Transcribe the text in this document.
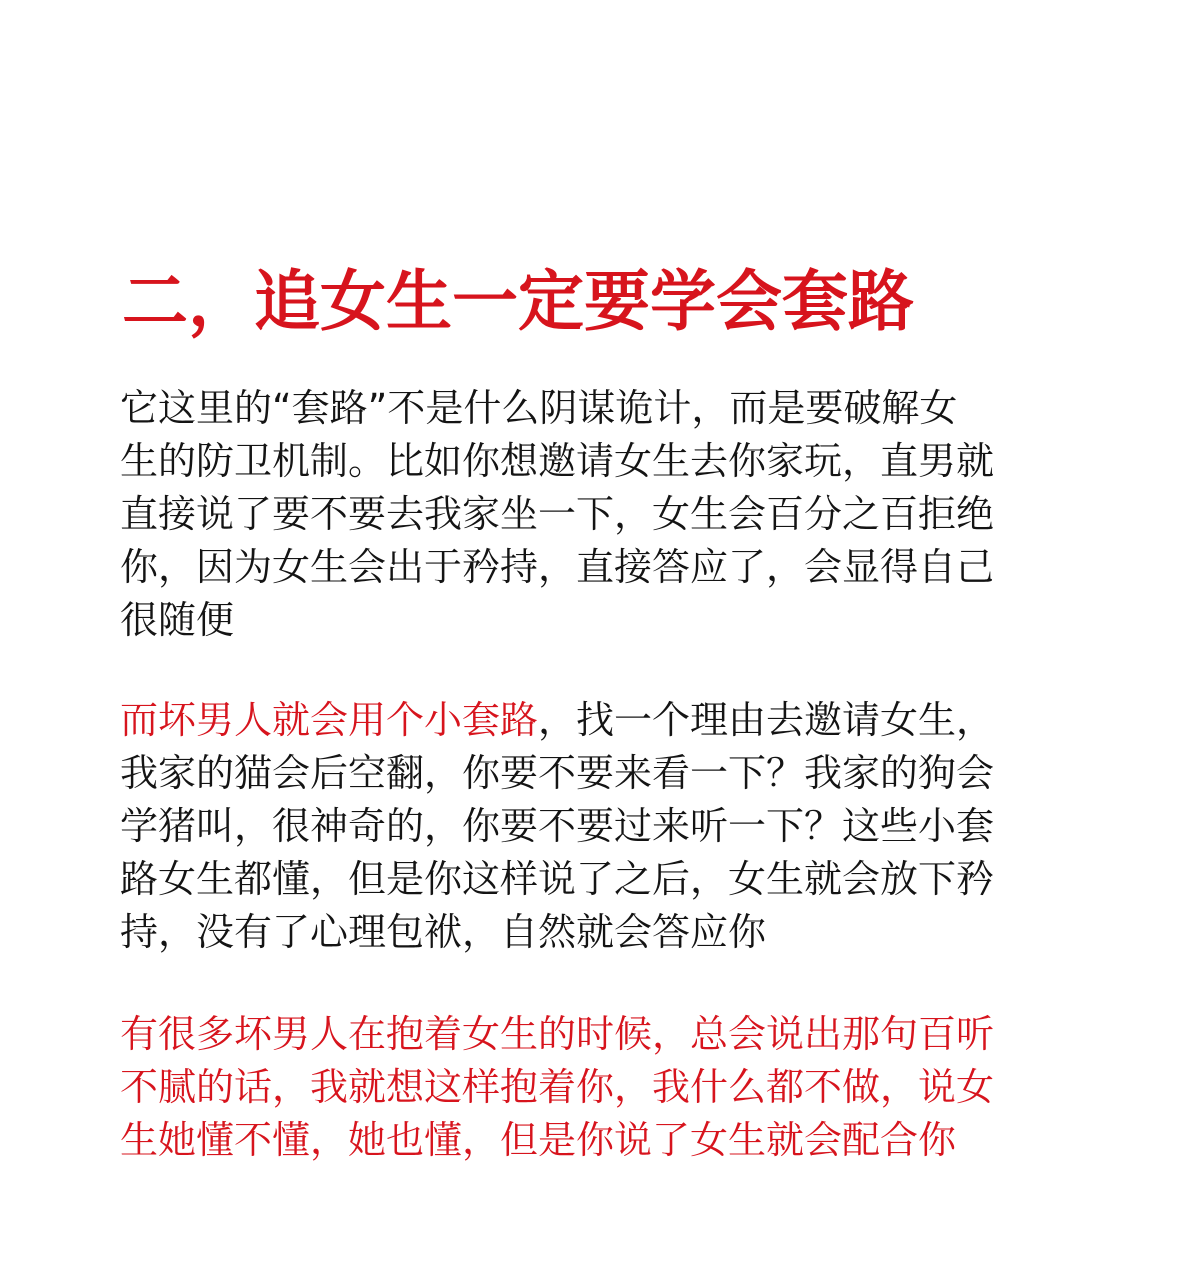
二，追女生一定要学会套路

它这里的“套路”不是什么阴谋诡计，而是要破解女
生的防卫机制。比如你想邀请女生去你家玩，直男就
直接说了要不要去我家坐一下，女生会百分之百拒绝
你，因为女生会出于矜持，直接答应了，会显得自己
很随便

而坏男人就会用个小套路，找一个理由去邀请女生，
我家的猫会后空翻，你要不要来看一下？我家的狗会
学猪叫，很神奇的，你要不要过来听一下？这些小套
路女生都懂，但是你这样说了之后，女生就会放下矜
持，没有了心理包袱，自然就会答应你

有很多坏男人在抱着女生的时候，总会说出那句百听
不腻的话，我就想这样抱着你，我什么都不做，说女
生她懂不懂，她也懂，但是你说了女生就会配合你
